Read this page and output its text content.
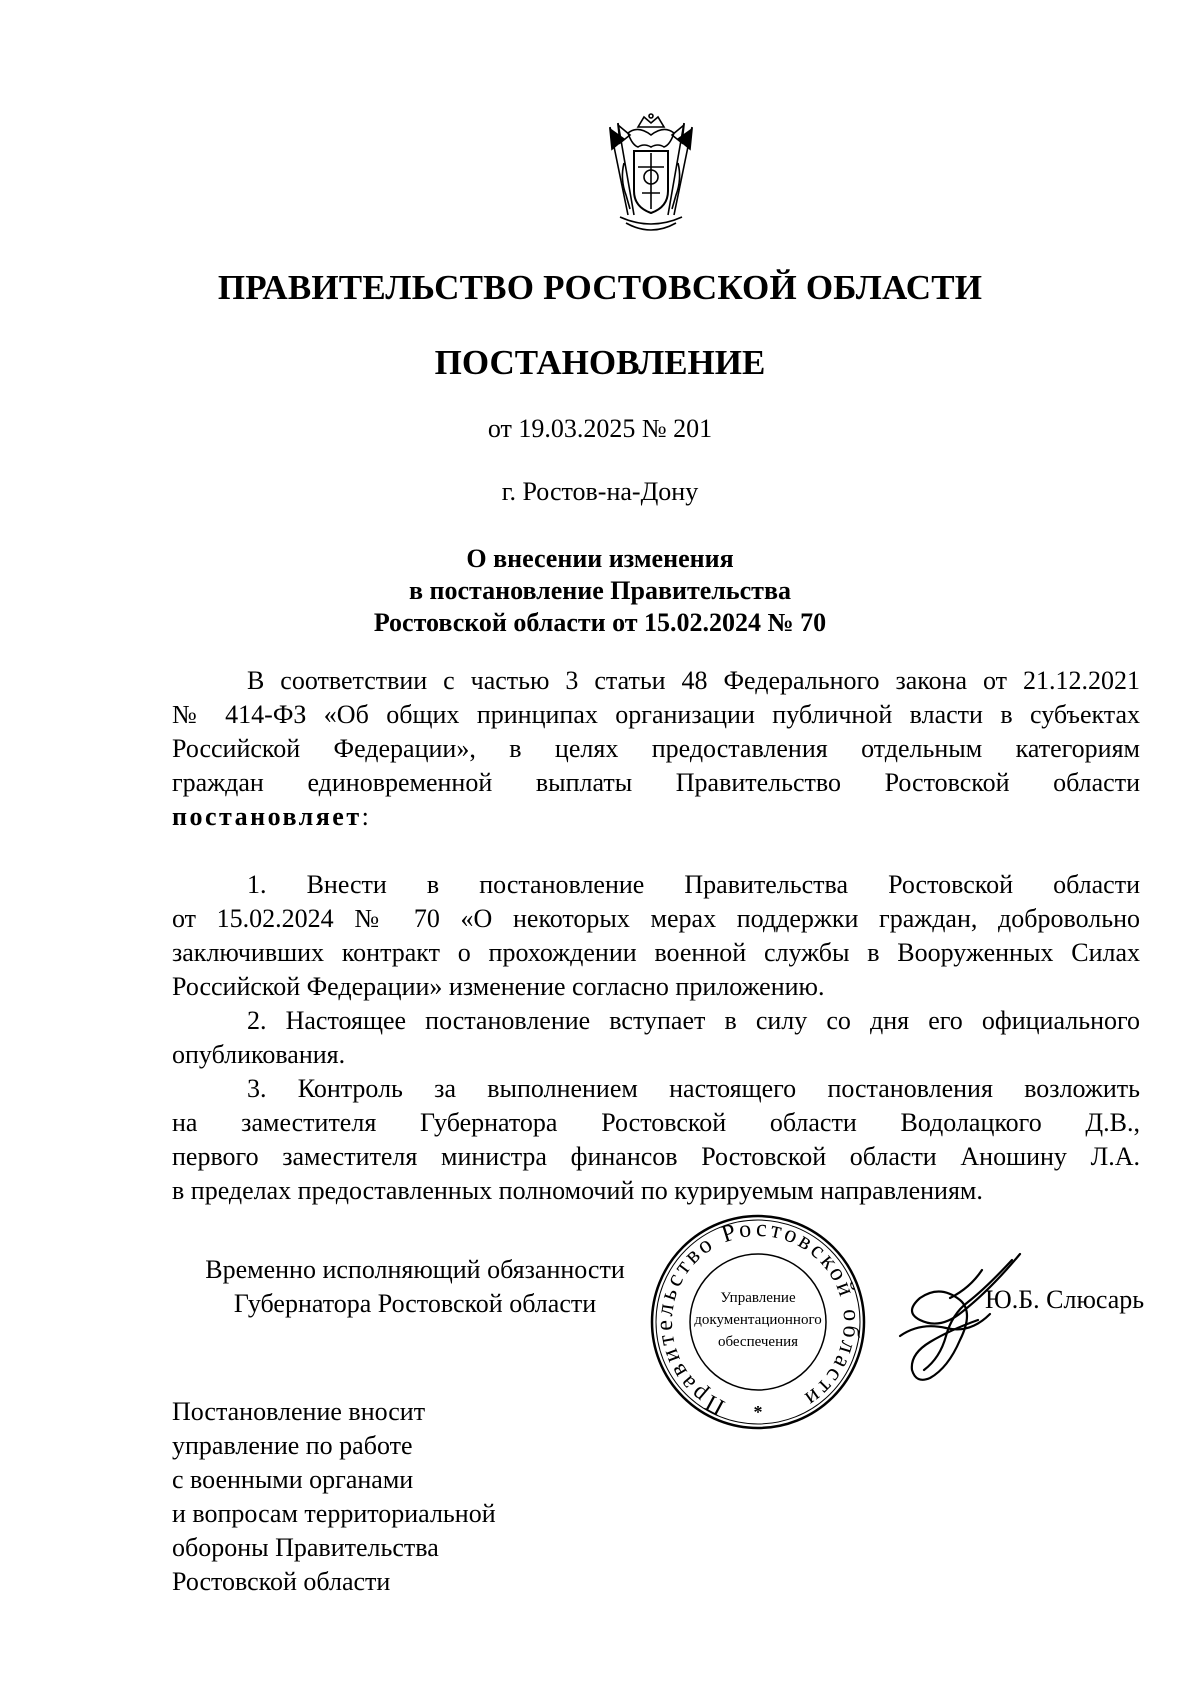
ПРАВИТЕЛЬСТВО РОСТОВСКОЙ ОБЛАСТИ
ПОСТАНОВЛЕНИЕ
от 19.03.2025 № 201
г. Ростов-на-Дону
О внесении изменения
в постановление Правительства
Ростовской области от 15.02.2024 № 70
В соответствии с частью 3 статьи 48 Федерального закона от 21.12.2021
№ 414-ФЗ «Об общих принципах организации публичной власти в субъектах
Российской Федерации», в целях предоставления отдельным категориям
граждан единовременной выплаты Правительство Ростовской области
постановляет:
1. Внести в постановление Правительства Ростовской области
от 15.02.2024 № 70 «О некоторых мерах поддержки граждан, добровольно
заключивших контракт о прохождении военной службы в Вооруженных Силах
Российской Федерации» изменение согласно приложению.
2. Настоящее постановление вступает в силу со дня его официального
опубликования.
3. Контроль за выполнением настоящего постановления возложить
на заместителя Губернатора Ростовской области Водолацкого Д.В.,
первого заместителя министра финансов Ростовской области Аношину Л.А.
в пределах предоставленных полномочий по курируемым направлениям.
Временно исполняющий обязанности
Губернатора Ростовской области
Правительство Ростовской области
Управление
документационного
обеспечения
*
Ю.Б. Слюсарь
Постановление вносит
управление по работе
с военными органами
и вопросам территориальной
обороны Правительства
Ростовской области
